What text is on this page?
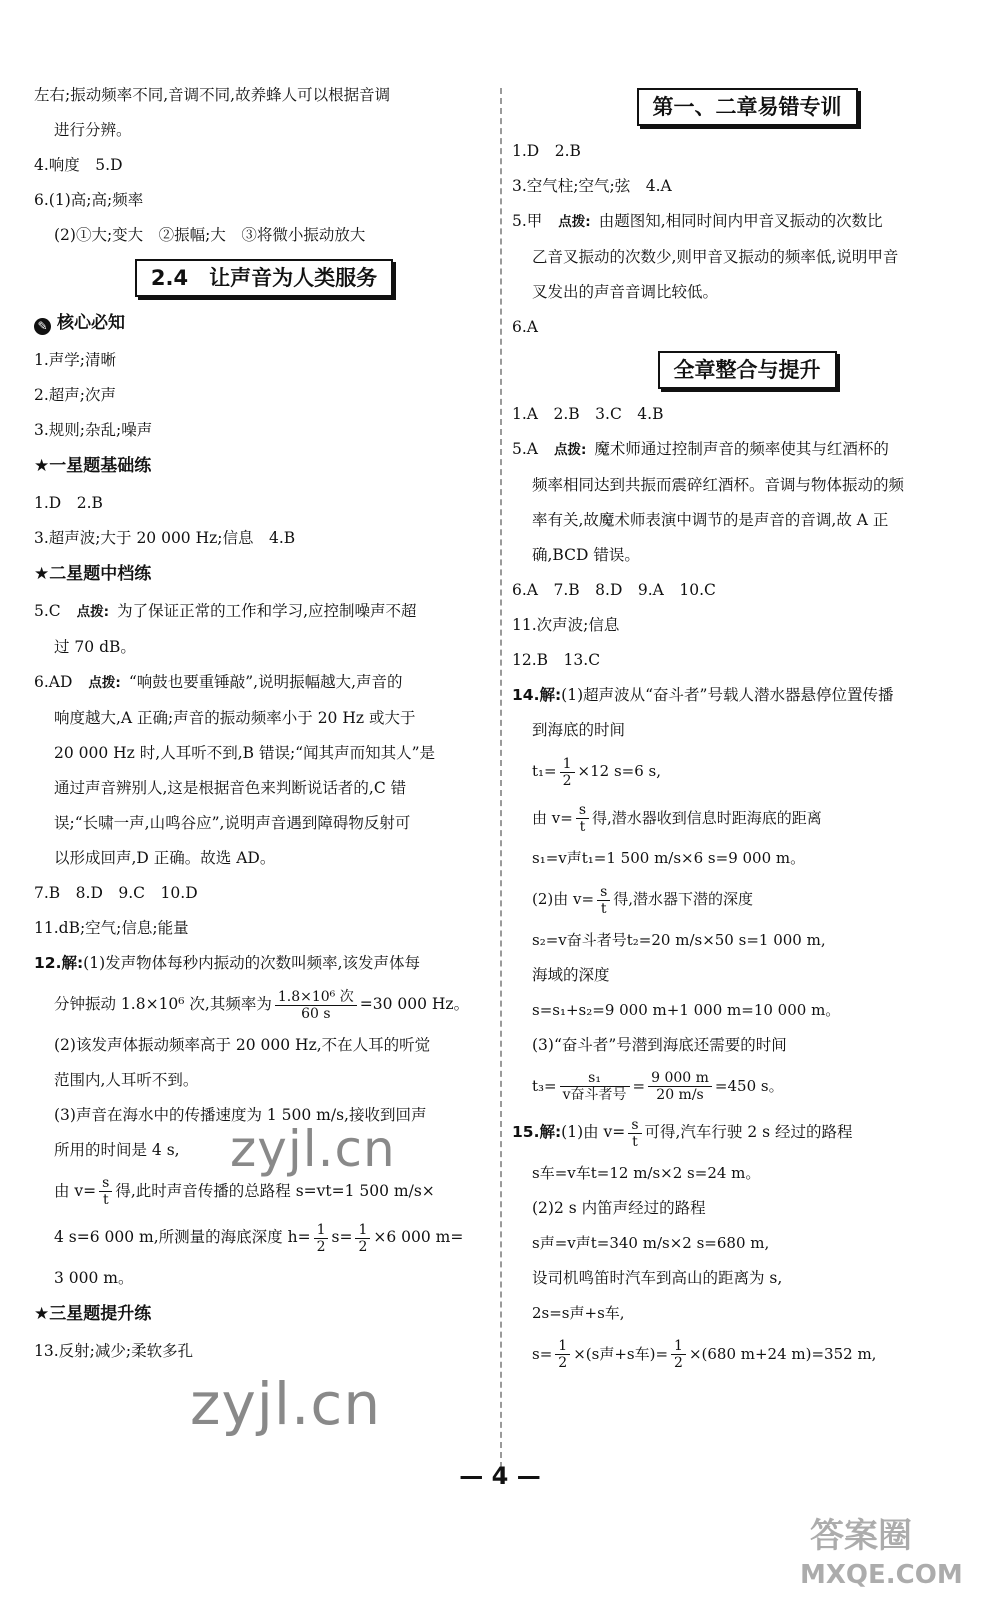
左右;振动频率不同,音调不同,故养蜂人可以根据音调
进行分辨。
4.响度　5.D
6.(1)高;高;频率
(2)①大;变大　②振幅;大　③将微小振动放大
2.4　让声音为人类服务
✎ 核心必知
1.声学;清晰
2.超声;次声
3.规则;杂乱;噪声
★一星题基础练
1.D　2.B
3.超声波;大于 20 000 Hz;信息　4.B
★二星题中档练
5.C 点拨: 为了保证正常的工作和学习,应控制噪声不超
过 70 dB。
6.AD 点拨: “响鼓也要重锤敲”,说明振幅越大,声音的
响度越大,A 正确;声音的振动频率小于 20 Hz 或大于
20 000 Hz 时,人耳听不到,B 错误;“闻其声而知其人”是
通过声音辨别人,这是根据音色来判断说话者的,C 错
误;“长啸一声,山鸣谷应”,说明声音遇到障碍物反射可
以形成回声,D 正确。故选 AD。
7.B　8.D　9.C　10.D
11.dB;空气;信息;能量
12.解:(1)发声物体每秒内振动的次数叫频率,该发声体每
分钟振动 1.8×10⁶ 次,其频率为 $\frac{\text{1.8×10⁶ 次}}{60 s} =30$ 000 Hz。
(2)该发声体振动频率高于 20 000 Hz,不在人耳的听觉
范围内,人耳听不到。
(3)声音在海水中的传播速度为 1 500 m/s,接收到回声
所用的时间是 4 s,
由 $v= \frac{s}{t}$ 得,此时声音传播的总路程 s=vt=1 500 m/s×
4 s=6 000 m,所测量的海底深度 $h= \frac{1}{2} s= \frac{1}{2} \times 6$ 000 m=
3 000 m。
★三星题提升练
13.反射;减少;柔软多孔
第一、二章易错专训
1.D　2.B
3.空气柱;空气;弦　4.A
5.甲 点拨: 由题图知,相同时间内甲音叉振动的次数比
乙音叉振动的次数少,则甲音叉振动的频率低,说明甲音
叉发出的声音音调比较低。
6.A
全章整合与提升
1.A　2.B　3.C　4.B
5.A 点拨: 魔术师通过控制声音的频率使其与红酒杯的
频率相同达到共振而震碎红酒杯。音调与物体振动的频
率有关,故魔术师表演中调节的是声音的音调,故 A 正
确,BCD 错误。
6.A　7.B　8.D　9.A　10.C
11.次声波;信息
12.B　13.C
14.解:(1)超声波从“奋斗者”号载人潜水器悬停位置传播
到海底的时间
$t_1= \frac{1}{2} \times 12$ s=6 s,
由 $v= \frac{s}{t}$ 得,潜水器收到信息时距海底的距离
s₁=v声t₁=1 500 m/s×6 s=9 000 m。
(2)由 $v= \frac{s}{t}$ 得,潜水器下潜的深度
s₂=v奋斗者号t₂=20 m/s×50 s=1 000 m,
海域的深度
s=s₁+s₂=9 000 m+1 000 m=10 000 m。
(3)“奋斗者”号潜到海底还需要的时间
$t_3= \frac{\text{s₁}}{\text{v奋斗者号}} = \frac{9 000 m}{20 m/s} =450$ s。
15.解:(1)由 $v= \frac{s}{t}$ 可得,汽车行驶 2 s 经过的路程
s车=v车t=12 m/s×2 s=24 m。
(2)2 s 内笛声经过的路程
s声=v声t=340 m/s×2 s=680 m,
设司机鸣笛时汽车到高山的距离为 s,
2s=s声+s车,
$s= \frac{1}{2} \times(s$声+s车)= $\frac{1}{2} \times(680$ m+24 m)=352 m,
— 4 —
zyjl.cn
zyjl.cn
答案圈
MXQE.COM
